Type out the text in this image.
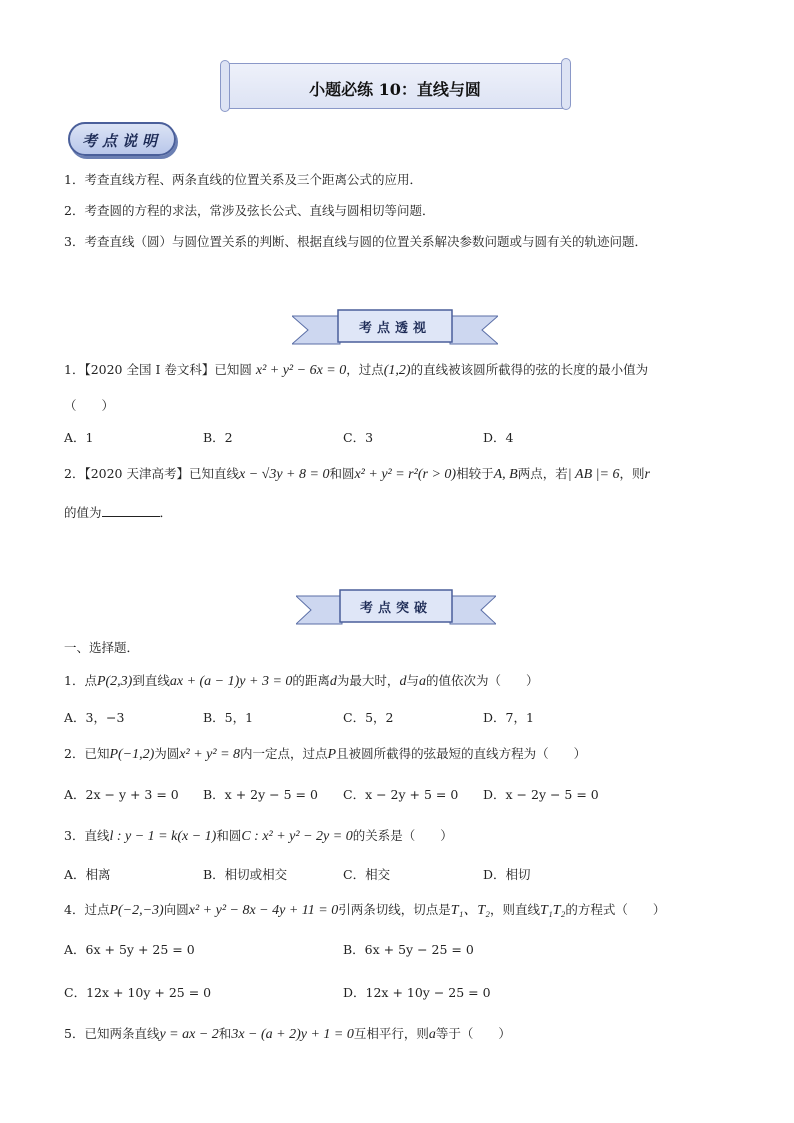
小题必练 10：直线与圆
考点说明
1．考查直线方程、两条直线的位置关系及三个距离公式的应用．
2．考查圆的方程的求法，常涉及弦长公式、直线与圆相切等问题．
3．考查直线（圆）与圆位置关系的判断、根据直线与圆的位置关系解决参数问题或与圆有关的轨迹问题．
考点透视
1．【2020 全国 I 卷文科】已知圆 x² + y² − 6x = 0，过点(1,2)的直线被该圆所截得的弦的长度的最小值为
（　　）
A．1	B．2	C．3	D．4
2．【2020 天津高考】已知直线x − √3y + 8 = 0和圆x² + y² = r²(r > 0)相较于A, B两点，若| AB |= 6，则r
的值为	．
考点突破
一、选择题．
1．点P(2,3)到直线ax + (a − 1)y + 3 = 0的距离d为最大时，d与a的值依次为（　　）
A．3，−3	B．5，1	C．5，2	D．7，1
2．已知P(−1,2)为圆x² + y² = 8内一定点，过点P且被圆所截得的弦最短的直线方程为（　　）
A．2x − y + 3 = 0 B．x + 2y − 5 = 0 C．x − 2y + 5 = 0 D．x − 2y − 5 = 0
3．直线l : y − 1 = k(x − 1)和圆C : x² + y² − 2y = 0的关系是（　　）
A．相离	B．相切或相交	C．相交	D．相切
4．过点P(−2,−3)向圆x² + y² − 8x − 4y + 11 = 0引两条切线，切点是T₁、T₂，则直线T₁T₂的方程式（　　）
A．6x + 5y + 25 = 0	B．6x + 5y − 25 = 0
C．12x + 10y + 25 = 0	D．12x + 10y − 25 = 0
5．已知两条直线y = ax − 2和3x − (a + 2)y + 1 = 0互相平行，则a等于（　　）
